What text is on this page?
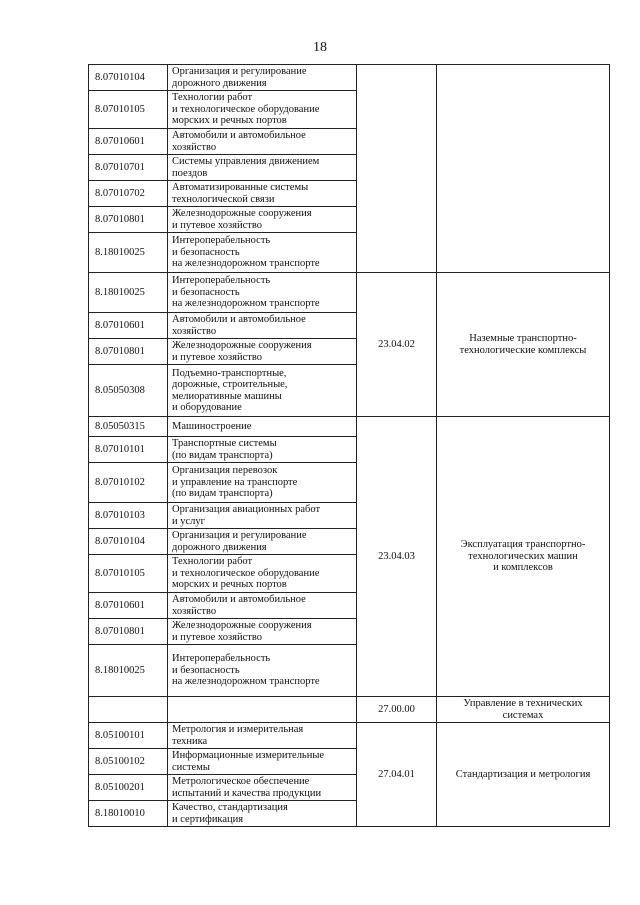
18
8.07010104	Организация и регулирование
дорожного движения		
8.07010105	Технологии работ
и технологическое оборудование
морских и речных портов		
8.07010601	Автомобили и автомобильное
хозяйство		
8.07010701	Системы управления движением
поездов		
8.07010702	Автоматизированные системы
технологической связи		
8.07010801	Железнодорожные сооружения
и путевое хозяйство		
8.18010025	Интероперабельность
и безопасность
на железнодорожном транспорте		
8.18010025	Интероперабельность
и безопасность
на железнодорожном транспорте	23.04.02	Наземные транспортно-
технологические комплексы
8.07010601	Автомобили и автомобильное
хозяйство		
8.07010801	Железнодорожные сооружения
и путевое хозяйство		
8.05050308	Подъемно-транспортные,
дорожные, строительные,
мелиоративные машины
и оборудование		
8.05050315	Машиностроение	23.04.03	Эксплуатация транспортно-
технологических машин
и комплексов
8.07010101	Транспортные системы
(по видам транспорта)		
8.07010102	Организация перевозок
и управление на транспорте
(по видам транспорта)		
8.07010103	Организация авиационных работ
и услуг		
8.07010104	Организация и регулирование
дорожного движения		
8.07010105	Технологии работ
и технологическое оборудование
морских и речных портов		
8.07010601	Автомобили и автомобильное
хозяйство		
8.07010801	Железнодорожные сооружения
и путевое хозяйство		
8.18010025	Интероперабельность
и безопасность
на железнодорожном транспорте		
		27.00.00	Управление в технических
системах
8.05100101	Метрология и измерительная
техника	27.04.01	Стандартизация и метрология
8.05100102	Информационные измерительные
системы		
8.05100201	Метрологическое обеспечение
испытаний и качества продукции		
8.18010010	Качество, стандартизация
и сертификация		
